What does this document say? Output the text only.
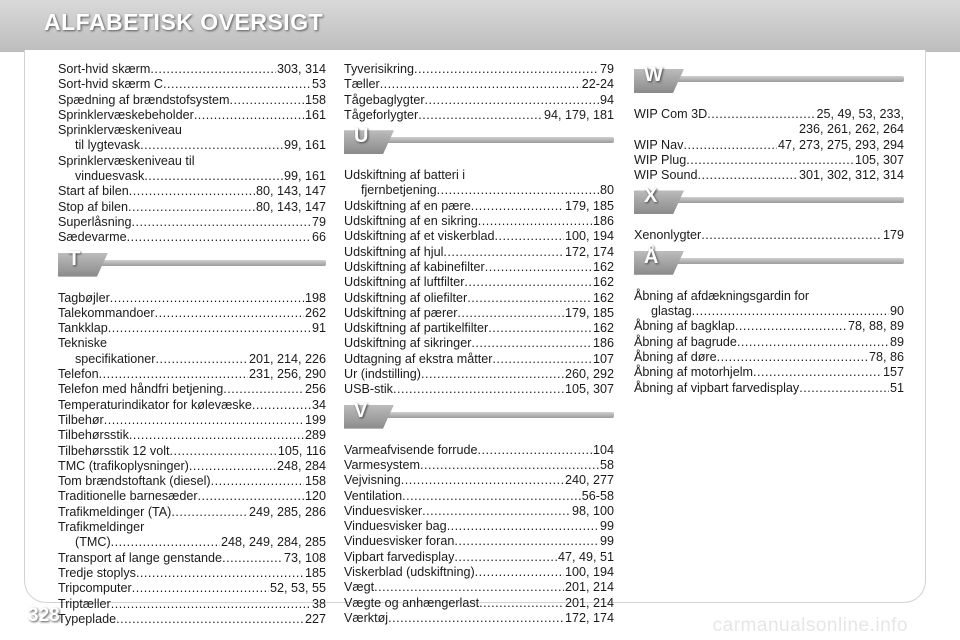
ALFABETISK OVERSIGT
Sort-hvid skærm .....	303, 314
Sort-hvid skærm C .....	53
Spædning af brændstofsystem .....	158
Sprinklervæskebeholder .....	161
Sprinklervæskeniveau
til lygtevask .....	99, 161
Sprinklervæskeniveau til
vinduesvask .....	99, 161
Start af bilen .....	80, 143, 147
Stop af bilen .....	80, 143, 147
Superlåsning .....	79
Sædevarme .....	66
T
Tagbøjler .....	198
Talekommandoer .....	262
Tankklap .....	91
Tekniske
specifikationer .....	201, 214, 226
Telefon .....	231, 256, 290
Telefon med håndfri betjening .....	256
Temperaturindikator for kølevæske .....	34
Tilbehør .....	199
Tilbehørsstik .....	289
Tilbehørsstik 12 volt .....	105, 116
TMC (trafikoplysninger) .....	248, 284
Tom brændstoftank (diesel) .....	158
Traditionelle barnesæder .....	120
Trafikmeldinger (TA) .....	249, 285, 286
Trafikmeldinger
(TMC) .....	248, 249, 284, 285
Transport af lange genstande .....	73, 108
Tredje stoplys .....	185
Tripcomputer .....	52, 53, 55
Triptæller .....	38
Typeplade .....	227
Tyverisikring .....	79
Tæller .....	22-24
Tågebaglygter .....	94
Tågeforlygter .....	94, 179, 181
U
Udskiftning af batteri i
fjernbetjening .....	80
Udskiftning af en pære .....	179, 185
Udskiftning af en sikring .....	186
Udskiftning af et viskerblad .....	100, 194
Udskiftning af hjul .....	172, 174
Udskiftning af kabinefilter .....	162
Udskiftning af luftfilter .....	162
Udskiftning af oliefilter .....	162
Udskiftning af pærer .....	179, 185
Udskiftning af partikelfilter .....	162
Udskiftning af sikringer .....	186
Udtagning af ekstra måtter .....	107
Ur (indstilling) .....	260, 292
USB-stik .....	105, 307
V
Varmeafvisende forrude .....	104
Varmesystem .....	58
Vejvisning .....	240, 277
Ventilation .....	56-58
Vinduesvisker .....	98, 100
Vinduesvisker bag .....	99
Vinduesvisker foran .....	99
Vipbart farvedisplay .....	47, 49, 51
Viskerblad (udskiftning) .....	100, 194
Vægt .....	201, 214
Vægte og anhængerlast .....	201, 214
Værktøj .....	172, 174
W
WIP Com 3D .....	25, 49, 53, 233,
236, 261, 262, 264
WIP Nav .....	47, 273, 275, 293, 294
WIP Plug .....	105, 307
WIP Sound .....	301, 302, 312, 314
X
Xenonlygter .....	179
Å
Åbning af afdækningsgardin for
glastag .....	90
Åbning af bagklap .....	78, 88, 89
Åbning af bagrude .....	89
Åbning af døre .....	78, 86
Åbning af motorhjelm .....	157
Åbning af vipbart farvedisplay .....	51
328	carmanualsonline.info
